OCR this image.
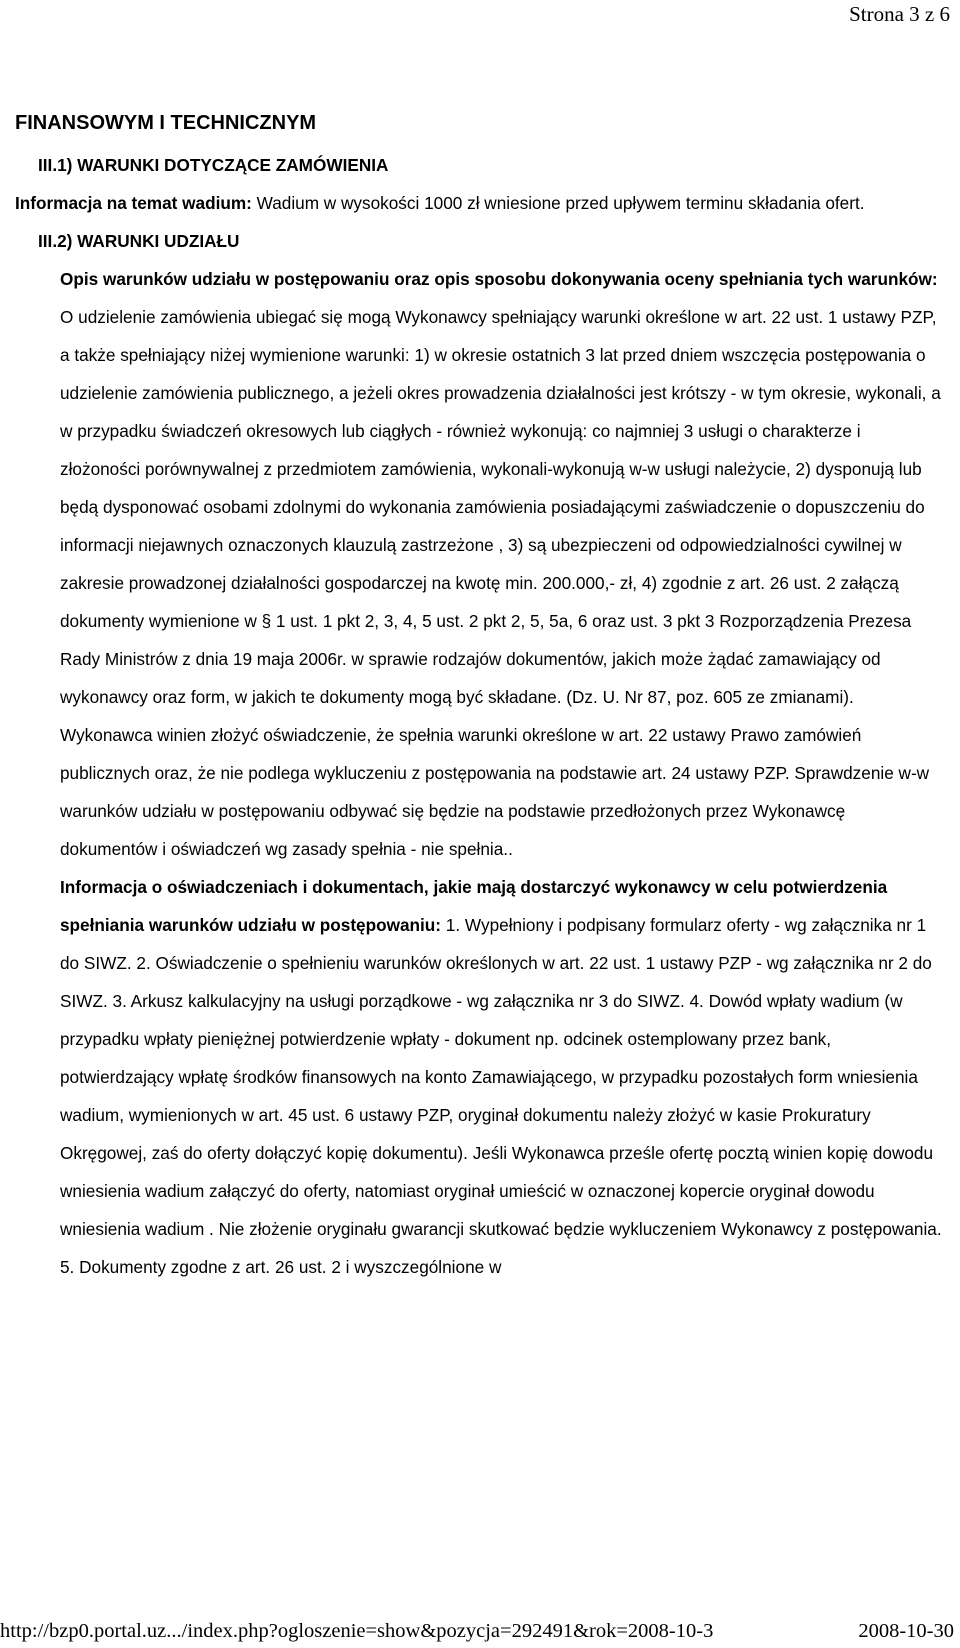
Strona 3 z 6

FINANSOWYM I TECHNICZNYM

III.1) WARUNKI DOTYCZĄCE ZAMÓWIENIA

Informacja na temat wadium: Wadium w wysokości 1000 zł wniesione przed upływem terminu składania ofert.

III.2) WARUNKI UDZIAŁU

Opis warunków udziału w postępowaniu oraz opis sposobu dokonywania oceny spełniania tych warunków: O udzielenie zamówienia ubiegać się mogą Wykonawcy spełniający warunki określone w art. 22 ust. 1 ustawy PZP, a także spełniający niżej wymienione warunki: 1) w okresie ostatnich 3 lat przed dniem wszczęcia postępowania o udzielenie zamówienia publicznego, a jeżeli okres prowadzenia działalności jest krótszy - w tym okresie, wykonali, a w przypadku świadczeń okresowych lub ciągłych - również wykonują: co najmniej 3 usługi o charakterze i złożoności porównywalnej z przedmiotem zamówienia, wykonali-wykonują w-w usługi należycie, 2) dysponują lub będą dysponować osobami zdolnymi do wykonania zamówienia posiadającymi zaświadczenie o dopuszczeniu do informacji niejawnych oznaczonych klauzulą zastrzeżone , 3) są ubezpieczeni od odpowiedzialności cywilnej w zakresie prowadzonej działalności gospodarczej na kwotę min. 200.000,- zł, 4) zgodnie z art. 26 ust. 2 załączą dokumenty wymienione w § 1 ust. 1 pkt 2, 3, 4, 5 ust. 2 pkt 2, 5, 5a, 6 oraz ust. 3 pkt 3 Rozporządzenia Prezesa Rady Ministrów z dnia 19 maja 2006r. w sprawie rodzajów dokumentów, jakich może żądać zamawiający od wykonawcy oraz form, w jakich te dokumenty mogą być składane. (Dz. U. Nr 87, poz. 605 ze zmianami). Wykonawca winien złożyć oświadczenie, że spełnia warunki określone w art. 22 ustawy Prawo zamówień publicznych oraz, że nie podlega wykluczeniu z postępowania na podstawie art. 24 ustawy PZP. Sprawdzenie w-w warunków udziału w postępowaniu odbywać się będzie na podstawie przedłożonych przez Wykonawcę dokumentów i oświadczeń wg zasady spełnia - nie spełnia..

Informacja o oświadczeniach i dokumentach, jakie mają dostarczyć wykonawcy w celu potwierdzenia spełniania warunków udziału w postępowaniu: 1. Wypełniony i podpisany formularz oferty - wg załącznika nr 1 do SIWZ. 2. Oświadczenie o spełnieniu warunków określonych w art. 22 ust. 1 ustawy PZP - wg załącznika nr 2 do SIWZ. 3. Arkusz kalkulacyjny na usługi porządkowe - wg załącznika nr 3 do SIWZ. 4. Dowód wpłaty wadium (w przypadku wpłaty pieniężnej potwierdzenie wpłaty - dokument np. odcinek ostemplowany przez bank, potwierdzający wpłatę środków finansowych na konto Zamawiającego, w przypadku pozostałych form wniesienia wadium, wymienionych w art. 45 ust. 6 ustawy PZP, oryginał dokumentu należy złożyć w kasie Prokuratury Okręgowej, zaś do oferty dołączyć kopię dokumentu). Jeśli Wykonawca prześle ofertę pocztą winien kopię dowodu wniesienia wadium załączyć do oferty, natomiast oryginał umieścić w oznaczonej kopercie oryginał dowodu wniesienia wadium . Nie złożenie oryginału gwarancji skutkować będzie wykluczeniem Wykonawcy z postępowania. 5. Dokumenty zgodne z art. 26 ust. 2 i wyszczególnione w

http://bzp0.portal.uz.../index.php?ogloszenie=show&pozycja=292491&rok=2008-10-3	2008-10-30
